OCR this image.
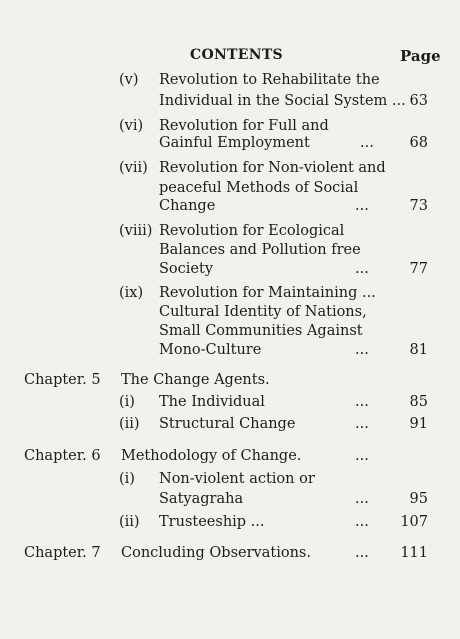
CONTENTS	Page
(v) Revolution to Rehabilitate the
Individual in the Social System ... 63
(vi) Revolution for Full and
Gainful Employment	...	68
(vii) Revolution for Non-violent and
peaceful Methods of Social
Change	...	73
(viii) Revolution for Ecological
Balances and Pollution free
Society	...	77
(ix) Revolution for Maintaining ...
Cultural Identity of Nations,
Small Communities Against
Mono-Culture	...	81
Chapter. 5 The Change Agents.
(i) The Individual	...	85
(ii) Structural Change	...	91
Chapter. 6 Methodology of Change.	...
(i) Non-violent action or
Satyagraha	...	95
(ii) Trusteeship ...	...	107
Chapter. 7 Concluding Observations.	...	111
